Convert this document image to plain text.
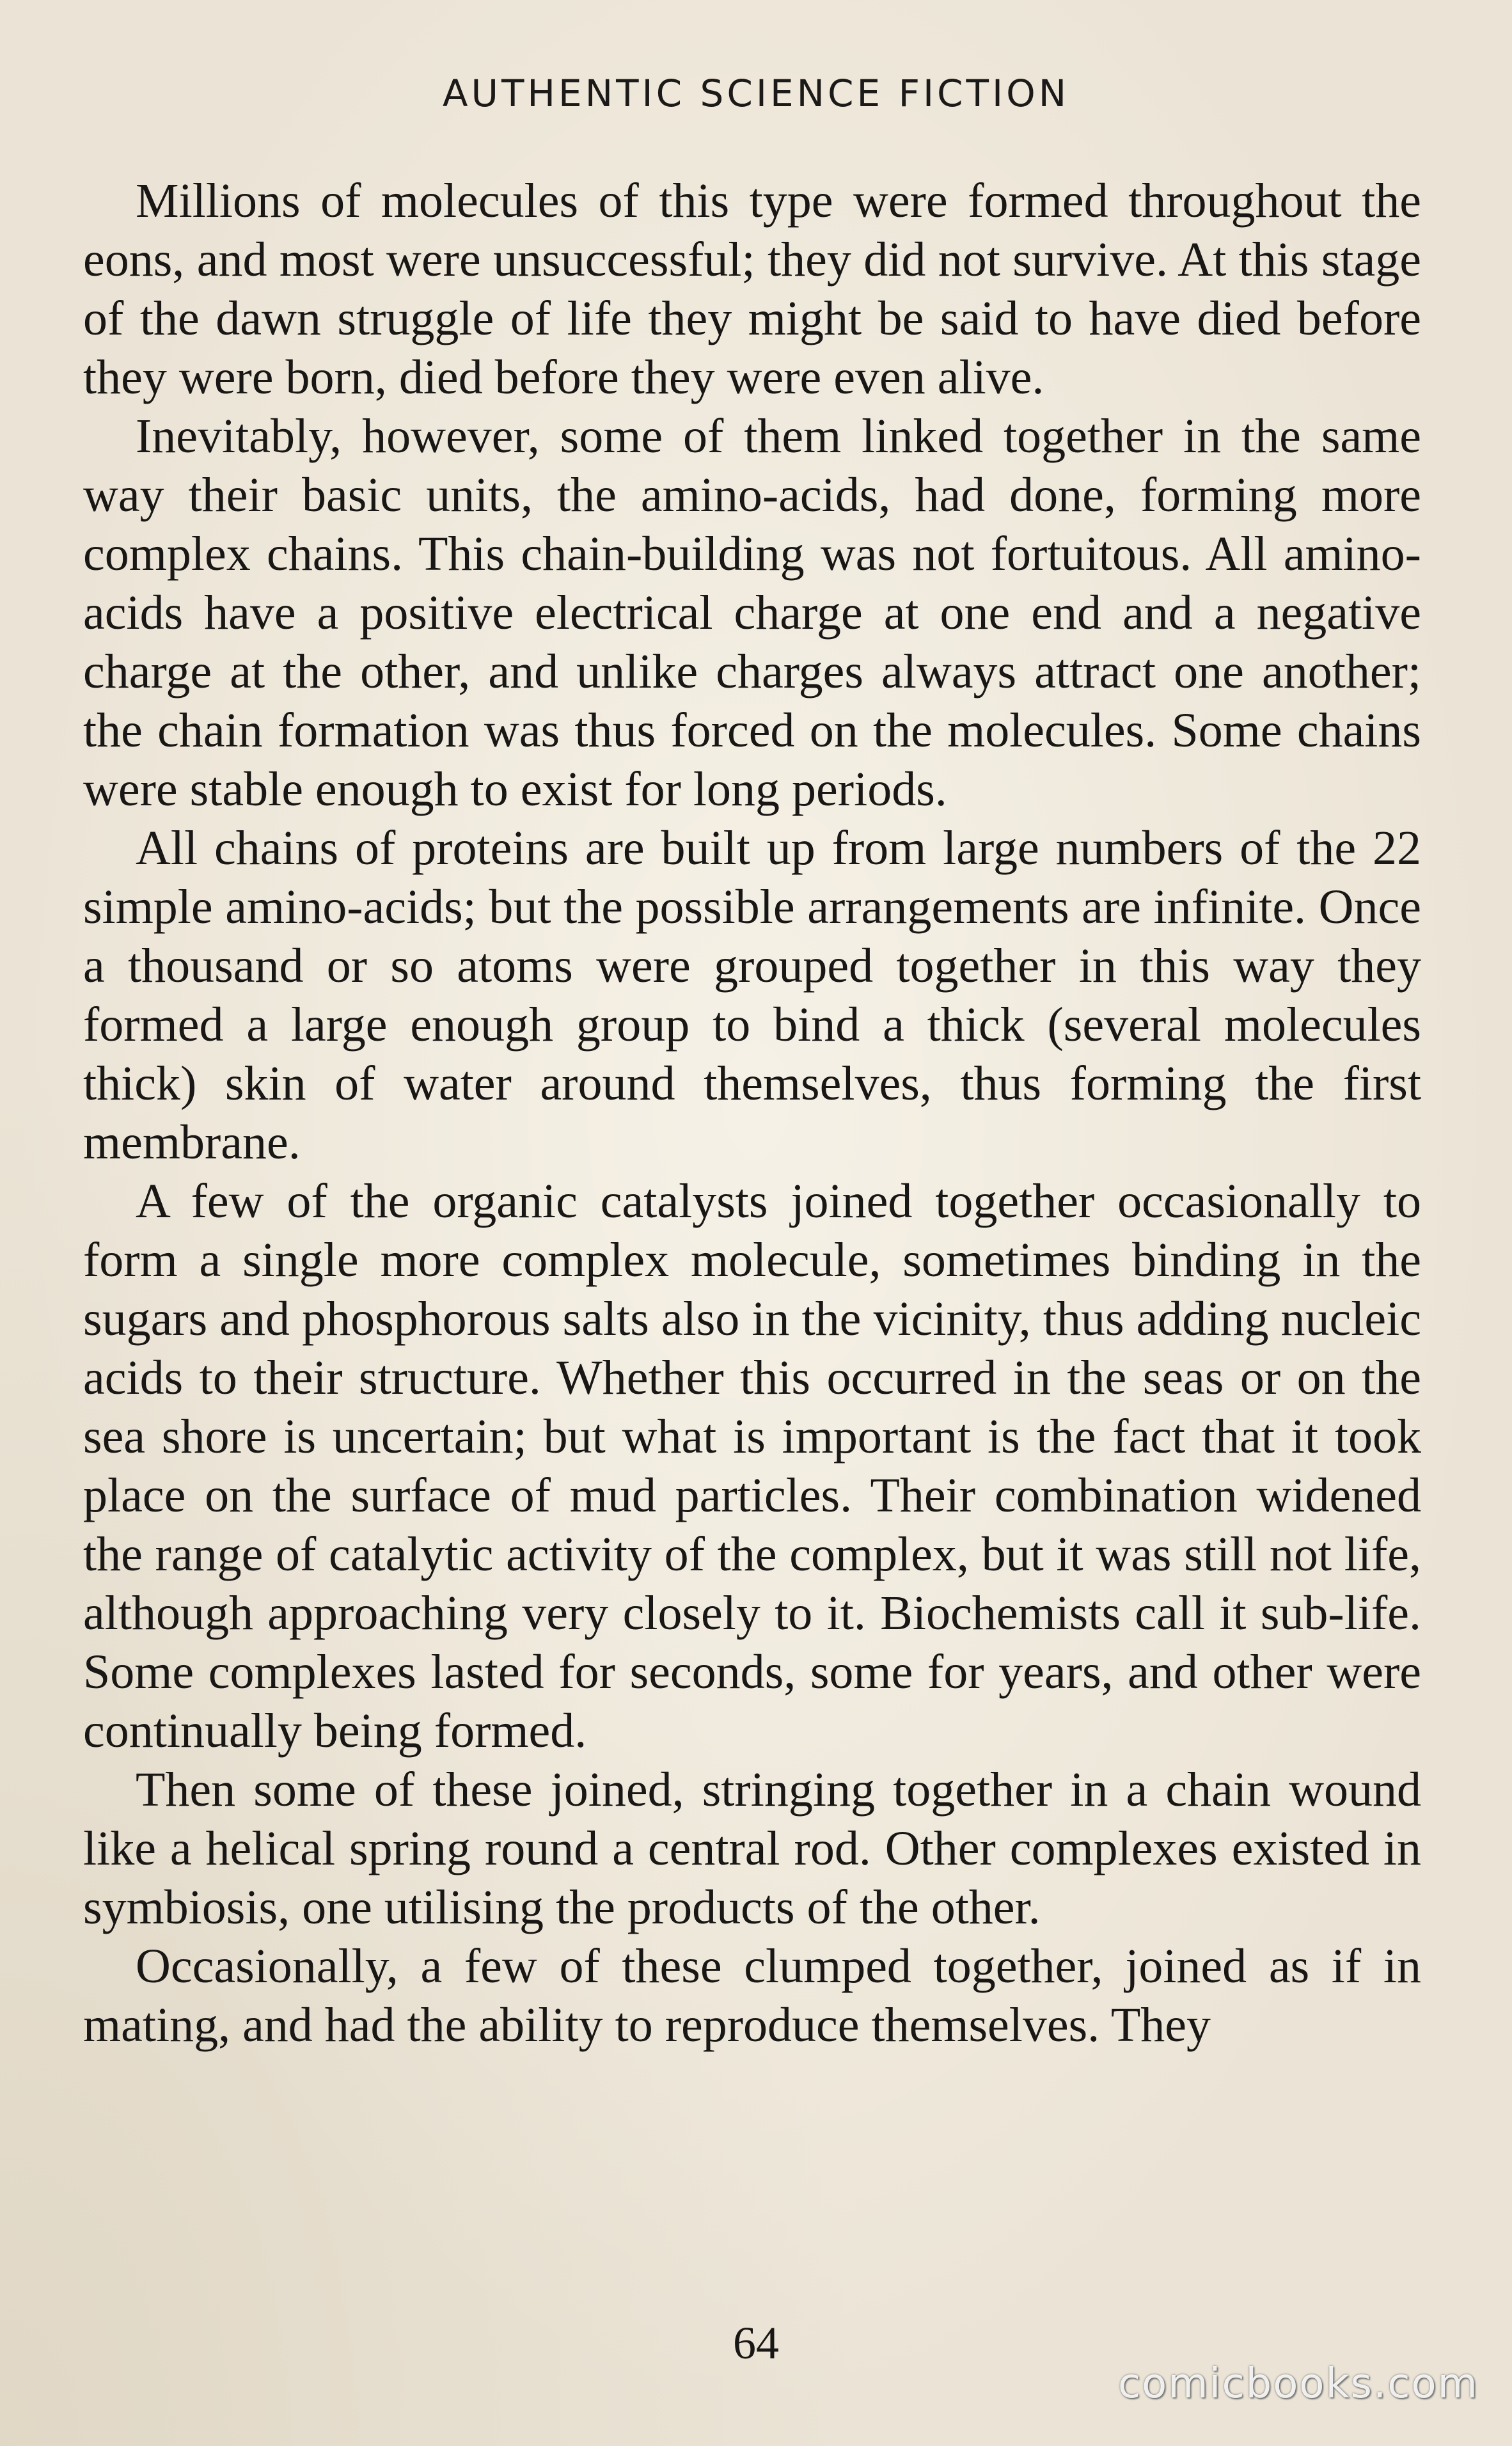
AUTHENTIC SCIENCE FICTION

Millions of molecules of this type were formed throughout the eons, and most were unsuccessful; they did not survive. At this stage of the dawn struggle of life they might be said to have died before they were born, died before they were even alive.

Inevitably, however, some of them linked together in the same way their basic units, the amino-acids, had done, forming more complex chains. This chain-building was not fortuitous. All amino-acids have a positive electrical charge at one end and a negative charge at the other, and unlike charges always attract one another; the chain formation was thus forced on the molecules. Some chains were stable enough to exist for long periods.

All chains of proteins are built up from large numbers of the 22 simple amino-acids; but the possible arrangements are infinite. Once a thousand or so atoms were grouped together in this way they formed a large enough group to bind a thick (several molecules thick) skin of water around themselves, thus forming the first membrane.

A few of the organic catalysts joined together occasionally to form a single more complex molecule, sometimes binding in the sugars and phosphorous salts also in the vicinity, thus adding nucleic acids to their structure. Whether this occurred in the seas or on the sea shore is uncertain; but what is important is the fact that it took place on the surface of mud particles. Their combination widened the range of catalytic activity of the complex, but it was still not life, although approaching very closely to it. Biochemists call it sub-life. Some complexes lasted for seconds, some for years, and other were continually being formed.

Then some of these joined, stringing together in a chain wound like a helical spring round a central rod. Other complexes existed in symbiosis, one utilising the products of the other.

Occasionally, a few of these clumped together, joined as if in mating, and had the ability to reproduce themselves. They

64
comicbooks.com
